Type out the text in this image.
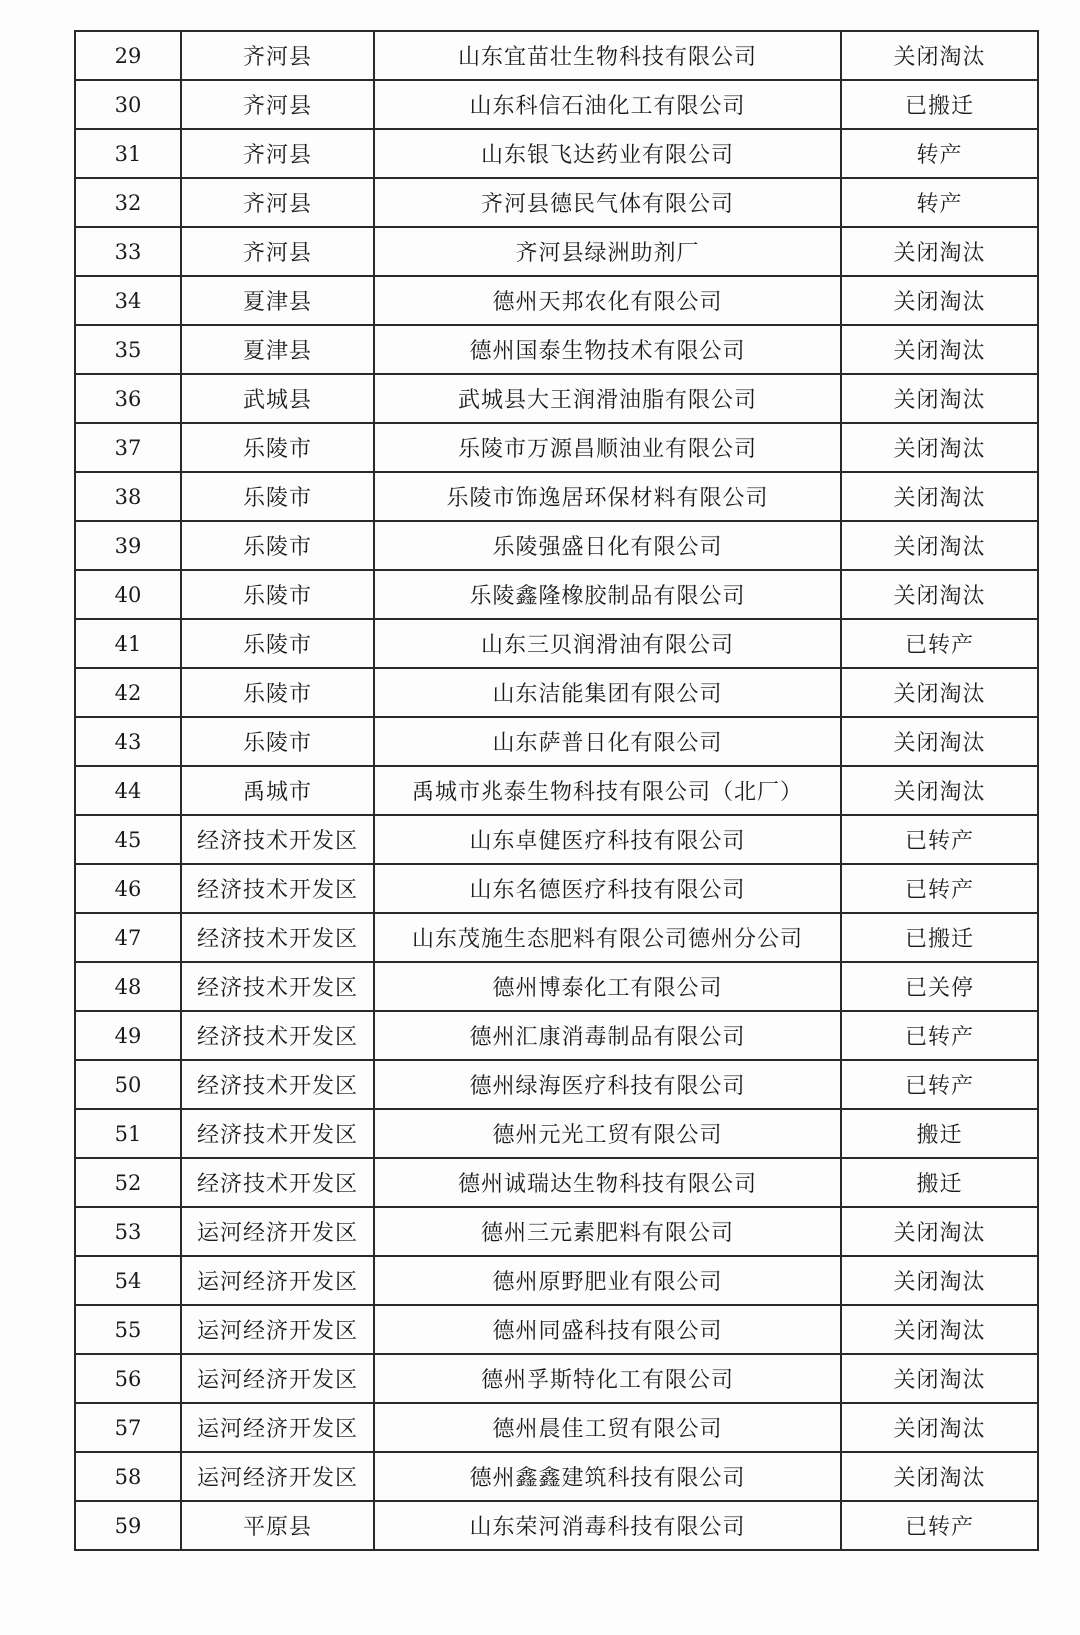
29	齐河县	山东宜苗壮生物科技有限公司	关闭淘汰
30	齐河县	山东科信石油化工有限公司	已搬迁
31	齐河县	山东银飞达药业有限公司	转产
32	齐河县	齐河县德民气体有限公司	转产
33	齐河县	齐河县绿洲助剂厂	关闭淘汰
34	夏津县	德州天邦农化有限公司	关闭淘汰
35	夏津县	德州国泰生物技术有限公司	关闭淘汰
36	武城县	武城县大王润滑油脂有限公司	关闭淘汰
37	乐陵市	乐陵市万源昌顺油业有限公司	关闭淘汰
38	乐陵市	乐陵市饰逸居环保材料有限公司	关闭淘汰
39	乐陵市	乐陵强盛日化有限公司	关闭淘汰
40	乐陵市	乐陵鑫隆橡胶制品有限公司	关闭淘汰
41	乐陵市	山东三贝润滑油有限公司	已转产
42	乐陵市	山东洁能集团有限公司	关闭淘汰
43	乐陵市	山东萨普日化有限公司	关闭淘汰
44	禹城市	禹城市兆泰生物科技有限公司（北厂）	关闭淘汰
45	经济技术开发区	山东卓健医疗科技有限公司	已转产
46	经济技术开发区	山东名德医疗科技有限公司	已转产
47	经济技术开发区	山东茂施生态肥料有限公司德州分公司	已搬迁
48	经济技术开发区	德州博泰化工有限公司	已关停
49	经济技术开发区	德州汇康消毒制品有限公司	已转产
50	经济技术开发区	德州绿海医疗科技有限公司	已转产
51	经济技术开发区	德州元光工贸有限公司	搬迁
52	经济技术开发区	德州诚瑞达生物科技有限公司	搬迁
53	运河经济开发区	德州三元素肥料有限公司	关闭淘汰
54	运河经济开发区	德州原野肥业有限公司	关闭淘汰
55	运河经济开发区	德州同盛科技有限公司	关闭淘汰
56	运河经济开发区	德州孚斯特化工有限公司	关闭淘汰
57	运河经济开发区	德州晨佳工贸有限公司	关闭淘汰
58	运河经济开发区	德州鑫鑫建筑科技有限公司	关闭淘汰
59	平原县	山东荣河消毒科技有限公司	已转产
